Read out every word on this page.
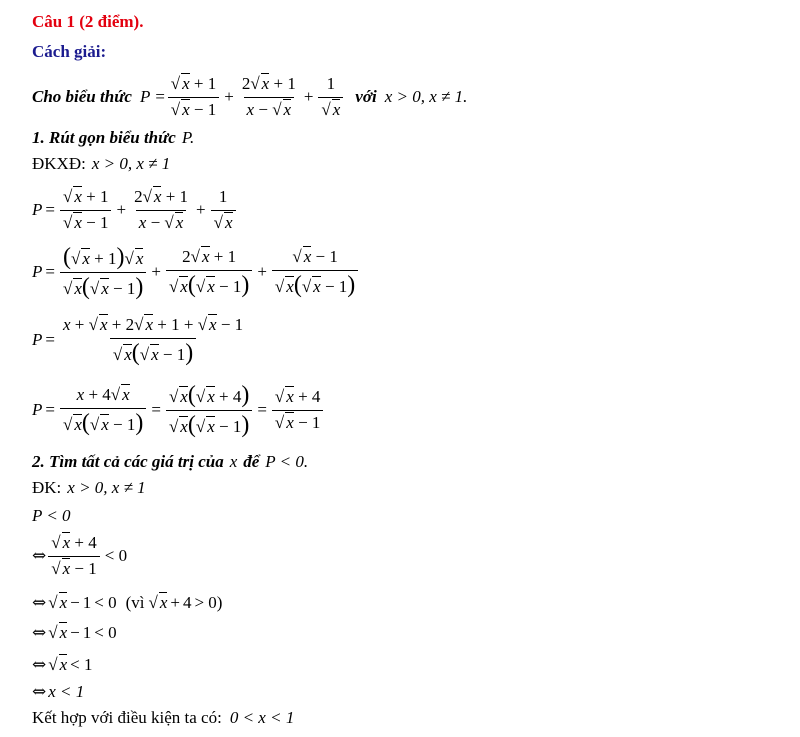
Câu 1 (2 điểm).
Cách giải:
Cho biểu thức P = √ x + 1
√ $x - 1 + \frac{2 √ x + 1}{x - √ x} + 1$
√ x với x > 0, x ≠ 1.
1. Rút gọn biểu thức P.
ĐKXĐ: x > 0, x ≠ 1
P = √ x + 1
√ $x - 1 + \frac{2 √ x + 1}{x - √ x} + 1$
√ x
P = ( √ x + 1) √ x
√ x( √ x − 1) + 2 √ x + 1
√ x( √ x − 1) + √ x − 1
√ x( √ x − 1)
P = x + √ x + 2 √ x + 1 + √ x − 1
√ x( √ x − 1)
P = x + 4 √ x
√ x( √ x − 1) = √ x( √ x + 4)
√ x( √ x − 1) = √ x + 4
√ x − 1
2. Tìm tất cả các giá trị của x để P < 0.
ĐK: x > 0, x ≠ 1
P < 0
⇔ √ x + 4
√ x − 1 < 0
⇔ √ x − 1 < 0 (vì √ x + 4 > 0)
⇔ √ x − 1 < 0
⇔ √ x < 1
⇔ x < 1
Kết hợp với điều kiện ta có: 0 < x < 1
